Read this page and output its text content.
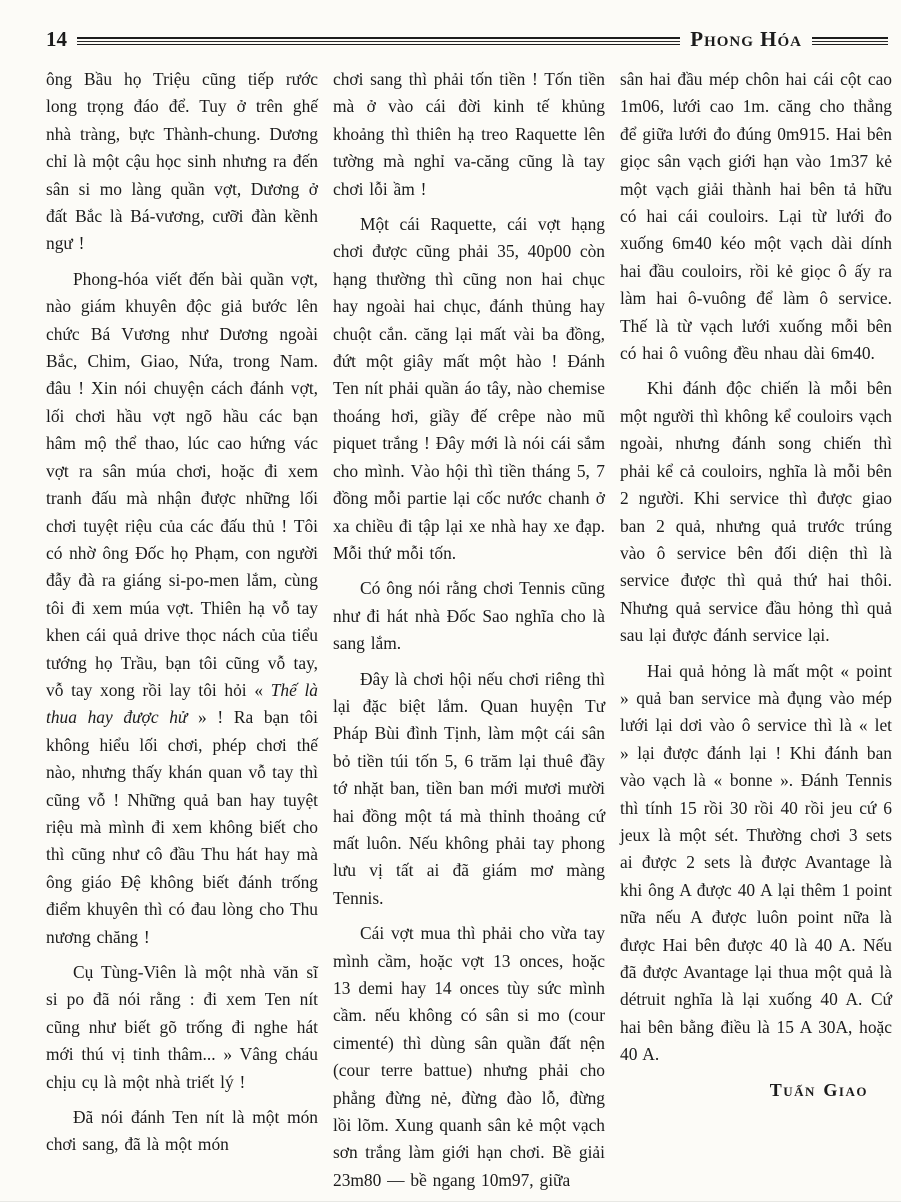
14	Phong Hóa

ông Bầu họ Triệu cũng tiếp rước long trọng đáo để. Tuy ở trên ghế nhà tràng, bực Thành-chung. Dương chỉ là một cậu học sinh nhưng ra đến sân si mo làng quần vợt, Dương ở đất Bắc là Bá-vương, cưỡi đàn kềnh ngư !

Phong-hóa viết đến bài quần vợt, nào giám khuyên độc giả bước lên chức Bá Vương như Dương ngoài Bắc, Chim, Giao, Nứa, trong Nam. đâu ! Xin nói chuyện cách đánh vợt, lối chơi hầu vợt ngõ hầu các bạn hâm mộ thể thao, lúc cao hứng vác vợt ra sân múa chơi, hoặc đi xem tranh đấu mà nhận được những lối chơi tuyệt riệu của các đấu thủ ! Tôi có nhờ ông Đốc họ Phạm, con người đẫy đà ra giáng si-po-men lắm, cùng tôi đi xem múa vợt. Thiên hạ vỗ tay khen cái quả drive thọc nách của tiểu tướng họ Trầu, bạn tôi cũng vỗ tay, vỗ tay xong rồi lay tôi hỏi « Thế là thua hay được hử » ! Ra bạn tôi không hiểu lối chơi, phép chơi thế nào, nhưng thấy khán quan vỗ tay thì cũng vỗ ! Những quả ban hay tuyệt riệu mà mình đi xem không biết cho thì cũng như cô đầu Thu hát hay mà ông giáo Đệ không biết đánh trống điểm khuyên thì có đau lòng cho Thu nương chăng !

Cụ Tùng-Viên là một nhà văn sĩ si po đã nói rằng : đi xem Ten nít cũng như biết gõ trống đi nghe hát mới thú vị tinh thâm... » Vâng cháu chịu cụ là một nhà triết lý !

Đã nói đánh Ten nít là một món chơi sang, đã là một món

chơi sang thì phải tốn tiền ! Tốn tiền mà ở vào cái đời kinh tế khủng khoảng thì thiên hạ treo Raquette lên tường mà nghỉ va-căng cũng là tay chơi lỗi ầm !

Một cái Raquette, cái vợt hạng chơi được cũng phải 35, 40p00 còn hạng thường thì cũng non hai chục hay ngoài hai chục, đánh thủng hay chuột cắn. căng lại mất vài ba đồng, đứt một giây mất một hào ! Đánh Ten nít phải quần áo tây, nào chemise thoáng hơi, giầy đế crêpe nào mũ piquet trắng ! Đây mới là nói cái sắm cho mình. Vào hội thì tiền tháng 5, 7 đồng mỗi partie lại cốc nước chanh ở xa chiều đi tập lại xe nhà hay xe đạp. Mỗi thứ mỗi tốn.

Có ông nói rằng chơi Tennis cũng như đi hát nhà Đốc Sao nghĩa cho là sang lắm.

Đây là chơi hội nếu chơi riêng thì lại đặc biệt lắm. Quan huyện Tư Pháp Bùi đình Tịnh, làm một cái sân bỏ tiền túi tốn 5, 6 trăm lại thuê đầy tớ nhặt ban, tiền ban mới mươi mười hai đồng một tá mà thỉnh thoảng cứ mất luôn. Nếu không phải tay phong lưu vị tất ai đã giám mơ màng Tennis.

Cái vợt mua thì phải cho vừa tay mình cầm, hoặc vợt 13 onces, hoặc 13 demi hay 14 onces tùy sức mình cầm. nếu không có sân si mo (cour cimenté) thì dùng sân quần đất nện (cour terre battue) nhưng phải cho phẳng đừng nẻ, đừng đào lỗ, đừng lồi lõm. Xung quanh sân kẻ một vạch sơn trắng làm giới hạn chơi. Bề giải 23m80 — bề ngang 10m97, giữa

sân hai đầu mép chôn hai cái cột cao 1m06, lưới cao 1m. căng cho thẳng để giữa lưới đo đúng 0m915. Hai bên giọc sân vạch giới hạn vào 1m37 kẻ một vạch giải thành hai bên tả hữu có hai cái couloirs. Lại từ lưới đo xuống 6m40 kéo một vạch dài dính hai đầu couloirs, rồi kẻ giọc ô ấy ra làm hai ô-vuông để làm ô service. Thế là từ vạch lưới xuống mỗi bên có hai ô vuông đều nhau dài 6m40.

Khi đánh độc chiến là mỗi bên một người thì không kể couloirs vạch ngoài, nhưng đánh song chiến thì phải kể cả couloirs, nghĩa là mỗi bên 2 người. Khi service thì được giao ban 2 quả, nhưng quả trước trúng vào ô service bên đối diện thì là service được thì quả thứ hai thôi. Nhưng quả service đầu hỏng thì quả sau lại được đánh service lại.

Hai quả hỏng là mất một « point » quả ban service mà đụng vào mép lưới lại dơi vào ô service thì là « let » lại được đánh lại ! Khi đánh ban vào vạch là « bonne ». Đánh Tennis thì tính 15 rồi 30 rồi 40 rồi jeu cứ 6 jeux là một sét. Thường chơi 3 sets ai được 2 sets là được Avantage là khi ông A được 40 A lại thêm 1 point nữa nếu A được luôn point nữa là được Hai bên được 40 là 40 A. Nếu đã được Avantage lại thua một quả là détruit nghĩa là lại xuống 40 A. Cứ hai bên bằng điều là 15 A 30A, hoặc 40 A.

Tuấn Giao
